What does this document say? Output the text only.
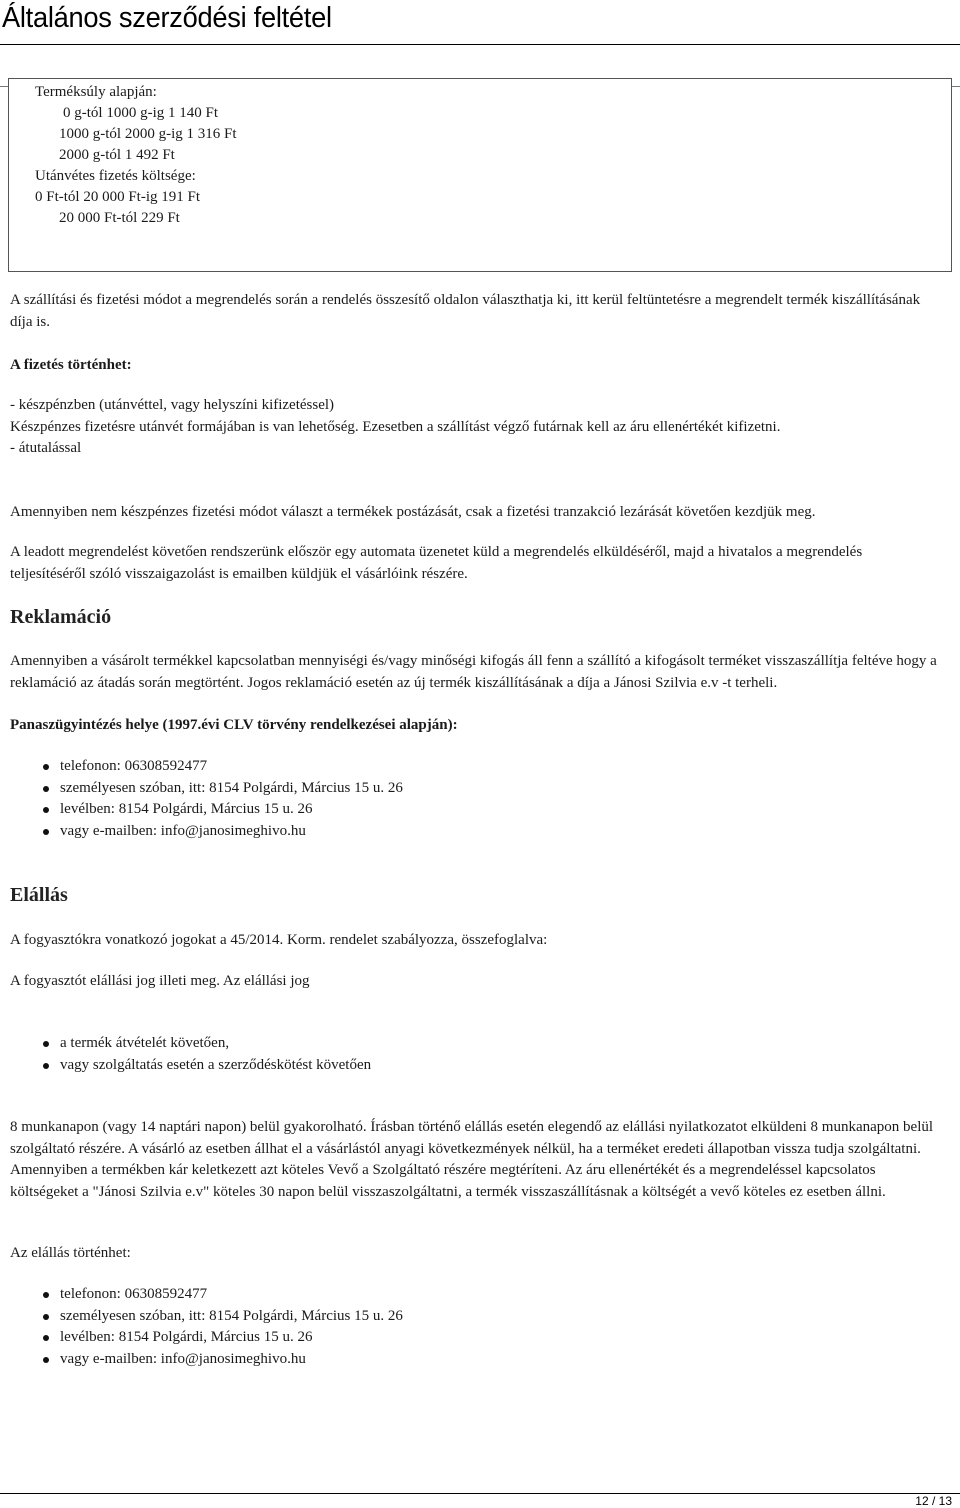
Általános szerződési feltétel
Terméksúly alapján:
0 g-tól 1000 g-ig 1 140 Ft
1000 g-tól 2000 g-ig 1 316 Ft
2000 g-tól 1 492 Ft
Utánvétes fizetés költsége:
0 Ft-tól 20 000 Ft-ig 191 Ft
20 000 Ft-tól 229 Ft

A szállítási és fizetési módot a megrendelés során a rendelés összesítő oldalon választhatja ki, itt kerül feltüntetésre a megrendelt termék kiszállításának díja is.

A fizetés történhet:

- készpénzben (utánvéttel, vagy helyszíni kifizetéssel)
Készpénzes fizetésre utánvét formájában is van lehetőség. Ezesetben a szállítást végző futárnak kell az áru ellenértékét kifizetni.
- átutalással

Amennyiben nem készpénzes fizetési módot választ a termékek postázását, csak a fizetési tranzakció lezárását követően kezdjük meg.

A leadott megrendelést követően rendszerünk először egy automata üzenetet küld a megrendelés elküldéséről, majd a hivatalos a megrendelés teljesítéséről szóló visszaigazolást is emailben küldjük el vásárlóink részére.

Reklamáció

Amennyiben a vásárolt termékkel kapcsolatban mennyiségi és/vagy minőségi kifogás áll fenn a szállító a kifogásolt terméket visszaszállítja feltéve hogy a reklamáció az átadás során megtörtént. Jogos reklamáció esetén az új termék kiszállításának a díja a Jánosi Szilvia e.v -t terheli.

Panaszügyintézés helye (1997.évi CLV törvény rendelkezései alapján):

telefonon: 06308592477
személyesen szóban, itt: 8154 Polgárdi, Március 15 u. 26
levélben: 8154 Polgárdi, Március 15 u. 26
vagy e-mailben: info@janosimeghivo.hu
Elállás

A fogyasztókra vonatkozó jogokat a 45/2014. Korm. rendelet szabályozza, összefoglalva:

A fogyasztót elállási jog illeti meg. Az elállási jog

a termék átvételét követően,
vagy szolgáltatás esetén a szerződéskötést követően

8 munkanapon (vagy 14 naptári napon) belül gyakorolható. Írásban történő elállás esetén elegendő az elállási nyilatkozatot elküldeni 8 munkanapon belül szolgáltató részére. A vásárló az esetben állhat el a vásárlástól anyagi következmények nélkül, ha a terméket eredeti állapotban vissza tudja szolgáltatni. Amennyiben a termékben kár keletkezett azt köteles Vevő a Szolgáltató részére megtéríteni. Az áru ellenértékét és a megrendeléssel kapcsolatos költségeket a "Jánosi Szilvia e.v" köteles 30 napon belül visszaszolgáltatni, a termék visszaszállításnak a költségét a vevő köteles ez esetben állni.

Az elállás történhet:

telefonon: 06308592477
személyesen szóban, itt: 8154 Polgárdi, Március 15 u. 26
levélben: 8154 Polgárdi, Március 15 u. 26
vagy e-mailben: info@janosimeghivo.hu
12 / 13
